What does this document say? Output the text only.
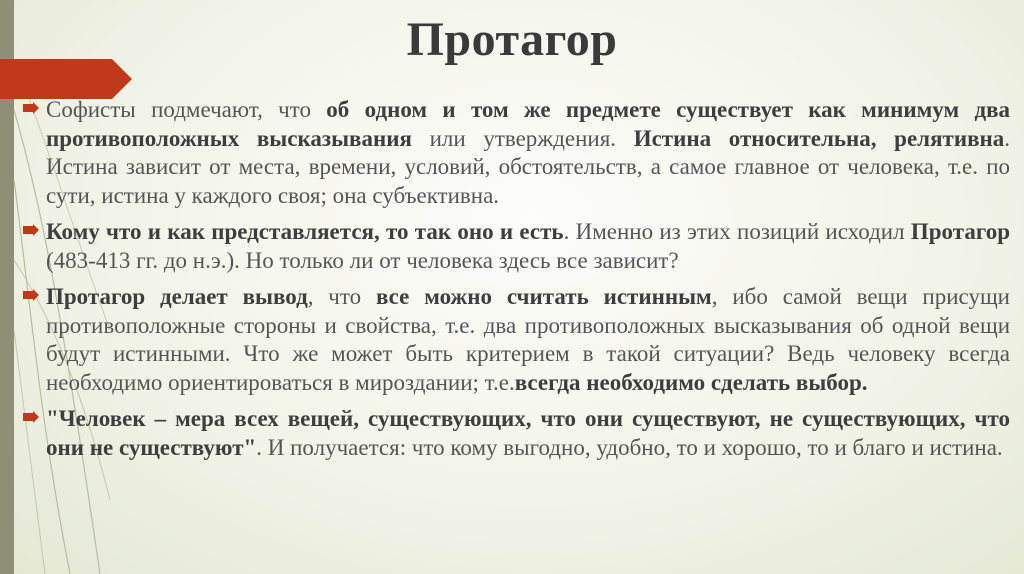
Протагор
Софисты подмечают, что об одном и том же предмете существует как минимум два противоположных высказывания или утверждения. Истина относительна, релятивна. Истина зависит от места, времени, условий, обстоятельств, а самое главное от человека, т.е. по сути, истина у каждого своя; она субъективна.
Кому что и как представляется, то так оно и есть. Именно из этих позиций исходил Протагор (483-413 гг. до н.э.). Но только ли от человека здесь все зависит?
Протагор делает вывод, что все можно считать истинным, ибо самой вещи присущи противоположные стороны и свойства, т.е. два противоположных высказывания об одной вещи будут истинными. Что же может быть критерием в такой ситуации? Ведь человеку всегда необходимо ориентироваться в мироздании; т.е.всегда необходимо сделать выбор.
"Человек – мера всех вещей, существующих, что они существуют, не существующих, что они не существуют". И получается: что кому выгодно, удобно, то и хорошо, то и благо и истина.
